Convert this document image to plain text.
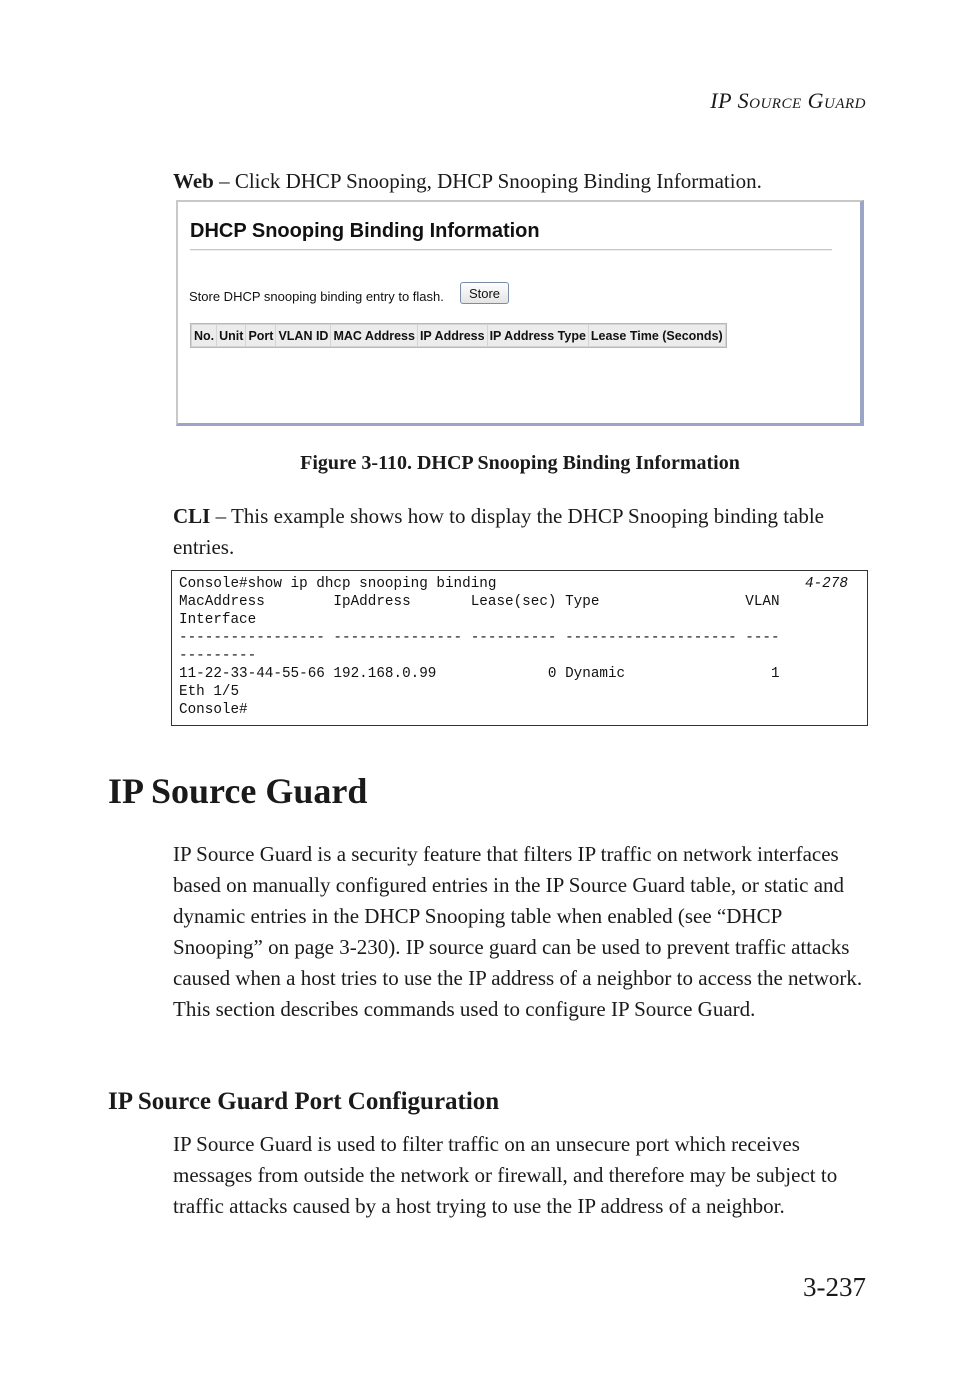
IP Source Guard
Web – Click DHCP Snooping, DHCP Snooping Binding Information.
DHCP Snooping Binding Information
Store DHCP snooping binding entry to flash.	Store
No.	Unit	Port	VLAN ID	MAC Address	IP Address	IP Address Type	Lease Time (Seconds)
Figure 3-110. DHCP Snooping Binding Information
CLI – This example shows how to display the DHCP Snooping binding table entries.
Console#show ip dhcp snooping binding	4-278
MacAddress        IpAddress       Lease(sec) Type                 VLAN
Interface
----------------- --------------- ---------- -------------------- ----
---------
11-22-33-44-55-66 192.168.0.99             0 Dynamic                 1
Eth 1/5
Console#
IP Source Guard
IP Source Guard is a security feature that filters IP traffic on network interfaces based on manually configured entries in the IP Source Guard table, or static and dynamic entries in the DHCP Snooping table when enabled (see “DHCP Snooping” on page 3-230). IP source guard can be used to prevent traffic attacks caused when a host tries to use the IP address of a neighbor to access the network. This section describes commands used to configure IP Source Guard.
IP Source Guard Port Configuration
IP Source Guard is used to filter traffic on an unsecure port which receives messages from outside the network or firewall, and therefore may be subject to traffic attacks caused by a host trying to use the IP address of a neighbor.
3-237
